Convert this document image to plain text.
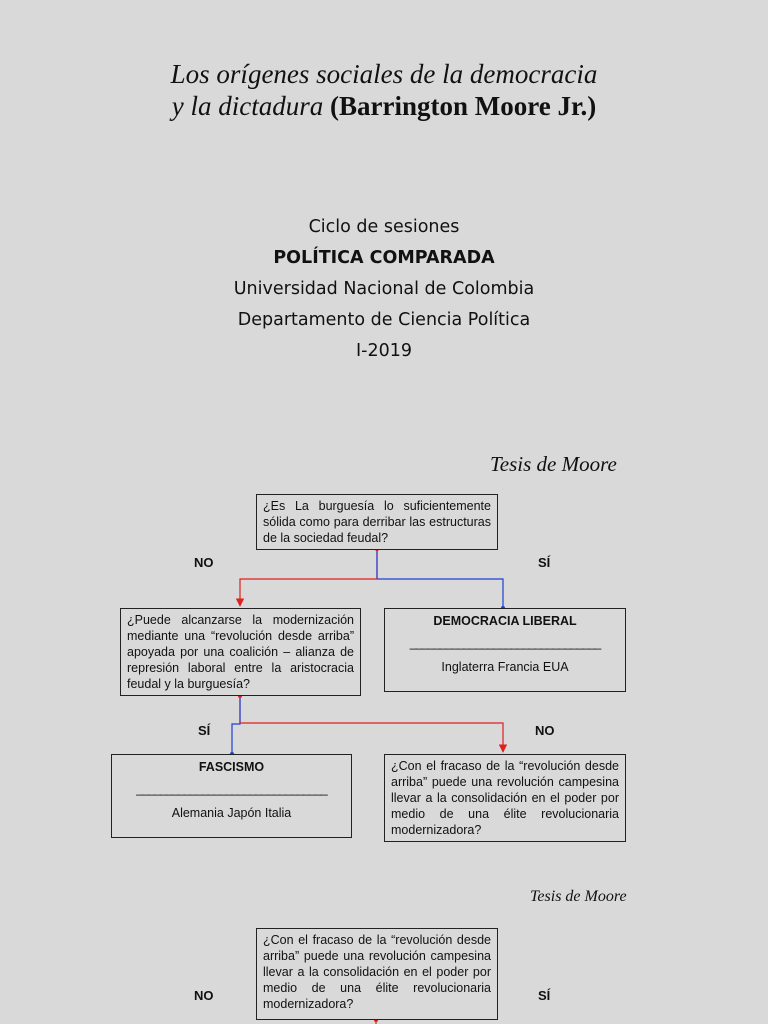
Los orígenes sociales de la democracia
y la dictadura (Barrington Moore Jr.)
Ciclo de sesiones
POLÍTICA COMPARADA
Universidad Nacional de Colombia
Departamento de Ciencia Política
I-2019
Tesis de Moore
¿Es La burguesía lo suficientemente sólida como para derribar las estructuras de la sociedad feudal?
NO	SÍ
¿Puede alcanzarse la modernización mediante una “revolución desde arriba” apoyada por una coalición – alianza de represión laboral entre la aristocracia feudal y la burguesía?
DEMOCRACIA LIBERAL
________________________________
Inglaterra Francia EUA
SÍ	NO
FASCISMO
________________________________
Alemania Japón Italia
¿Con el fracaso de la “revolución desde arriba” puede una revolución campesina llevar a la consolidación en el poder por medio de una élite revolucionaria modernizadora?
Tesis de Moore
¿Con el fracaso de la “revolución desde arriba” puede una revolución campesina llevar a la consolidación en el poder por medio de una élite revolucionaria modernizadora?
NO	SÍ
